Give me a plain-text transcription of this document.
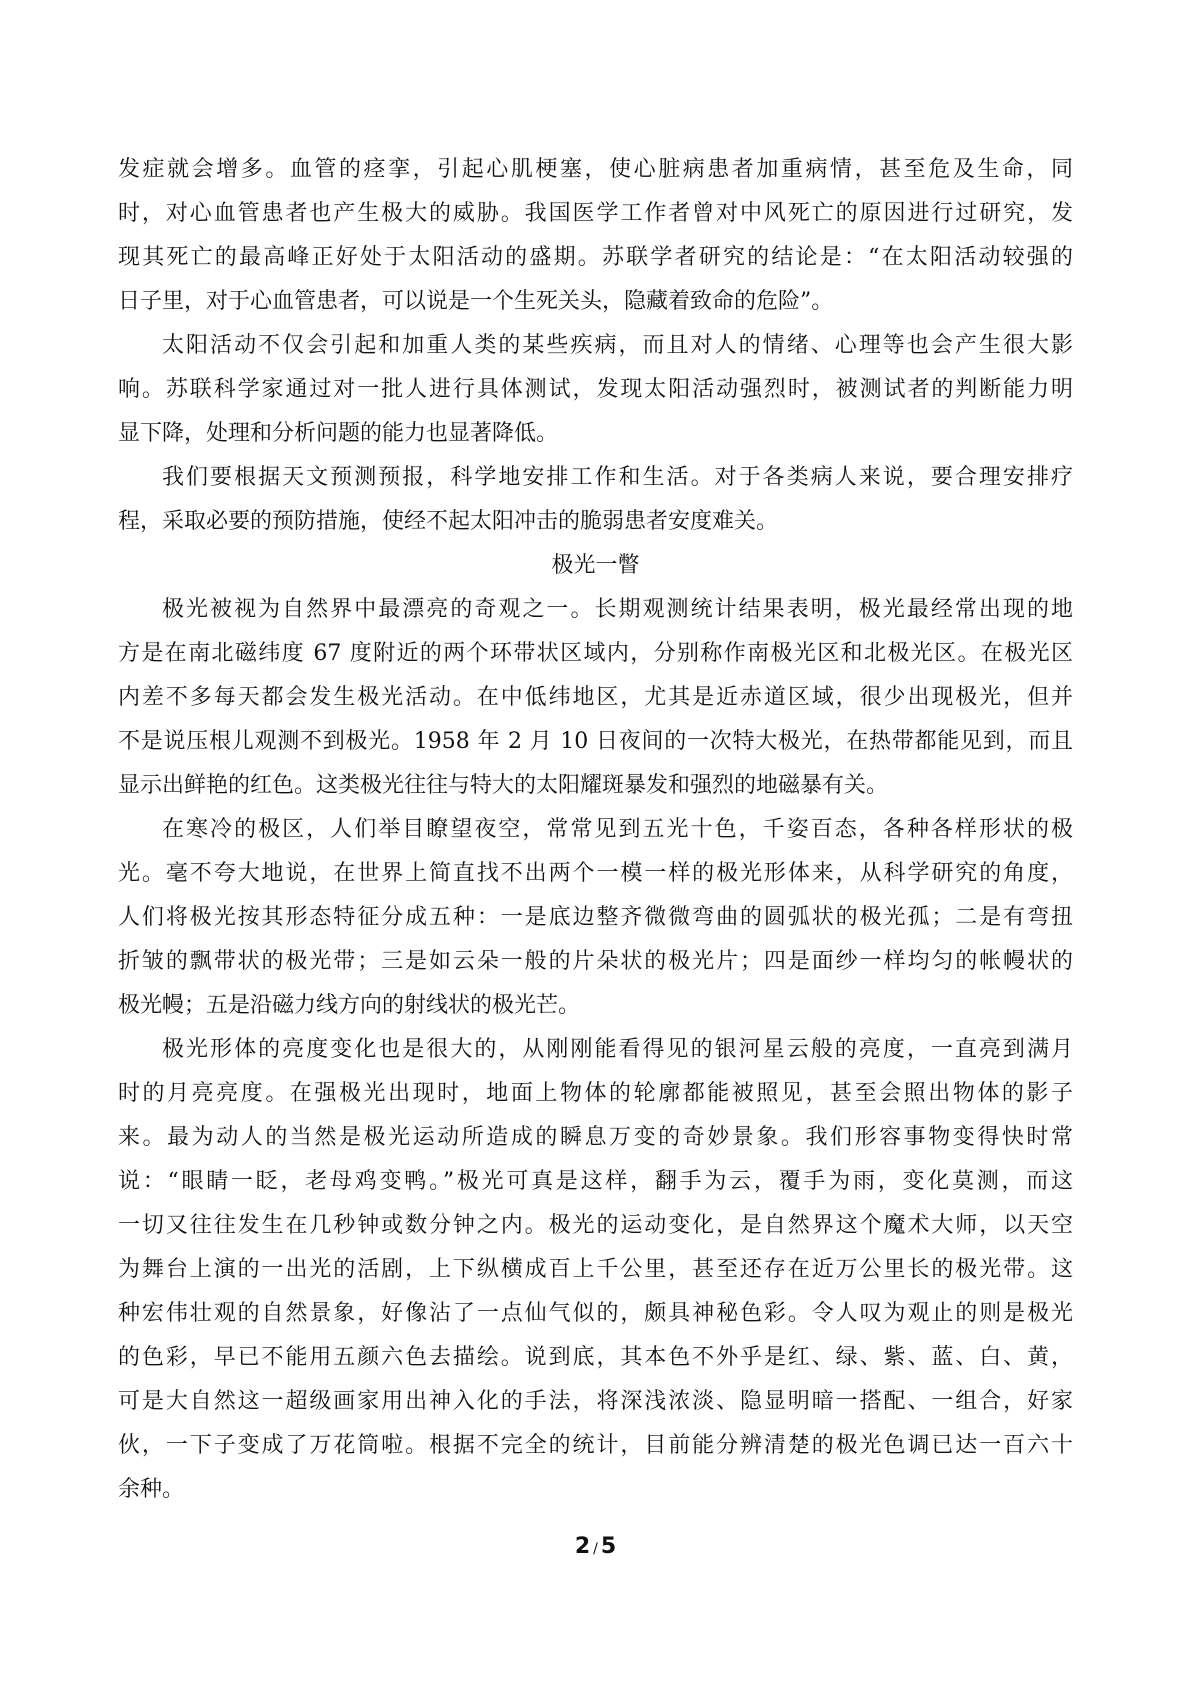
发症就会增多。血管的痉挛，引起心肌梗塞，使心脏病患者加重病情，甚至危及生命，同
时，对心血管患者也产生极大的威胁。我国医学工作者曾对中风死亡的原因进行过研究，发
现其死亡的最高峰正好处于太阳活动的盛期。苏联学者研究的结论是：“在太阳活动较强的
日子里，对于心血管患者，可以说是一个生死关头，隐藏着致命的危险”。
太阳活动不仅会引起和加重人类的某些疾病，而且对人的情绪、心理等也会产生很大影
响。苏联科学家通过对一批人进行具体测试，发现太阳活动强烈时，被测试者的判断能力明
显下降，处理和分析问题的能力也显著降低。
我们要根据天文预测预报，科学地安排工作和生活。对于各类病人来说，要合理安排疗
程，采取必要的预防措施，使经不起太阳冲击的脆弱患者安度难关。
极光一瞥
极光被视为自然界中最漂亮的奇观之一。长期观测统计结果表明，极光最经常出现的地
方是在南北磁纬度 67 度附近的两个环带状区域内，分别称作南极光区和北极光区。在极光区
内差不多每天都会发生极光活动。在中低纬地区，尤其是近赤道区域，很少出现极光，但并
不是说压根儿观测不到极光。1958 年 2 月 10 日夜间的一次特大极光，在热带都能见到，而且
显示出鲜艳的红色。这类极光往往与特大的太阳耀斑暴发和强烈的地磁暴有关。
在寒冷的极区，人们举目瞭望夜空，常常见到五光十色，千姿百态，各种各样形状的极
光。毫不夸大地说，在世界上简直找不出两个一模一样的极光形体来，从科学研究的角度，
人们将极光按其形态特征分成五种：一是底边整齐微微弯曲的圆弧状的极光孤；二是有弯扭
折皱的飘带状的极光带；三是如云朵一般的片朵状的极光片；四是面纱一样均匀的帐幔状的
极光幔；五是沿磁力线方向的射线状的极光芒。
极光形体的亮度变化也是很大的，从刚刚能看得见的银河星云般的亮度，一直亮到满月
时的月亮亮度。在强极光出现时，地面上物体的轮廓都能被照见，甚至会照出物体的影子
来。最为动人的当然是极光运动所造成的瞬息万变的奇妙景象。我们形容事物变得快时常
说：“眼睛一眨，老母鸡变鸭。”极光可真是这样，翻手为云，覆手为雨，变化莫测，而这
一切又往往发生在几秒钟或数分钟之内。极光的运动变化，是自然界这个魔术大师，以天空
为舞台上演的一出光的活剧，上下纵横成百上千公里，甚至还存在近万公里长的极光带。这
种宏伟壮观的自然景象，好像沾了一点仙气似的，颇具神秘色彩。令人叹为观止的则是极光
的色彩，早已不能用五颜六色去描绘。说到底，其本色不外乎是红、绿、紫、蓝、白、黄，
可是大自然这一超级画家用出神入化的手法，将深浅浓淡、隐显明暗一搭配、一组合，好家
伙，一下子变成了万花筒啦。根据不完全的统计，目前能分辨清楚的极光色调已达一百六十
余种。
2 / 5
